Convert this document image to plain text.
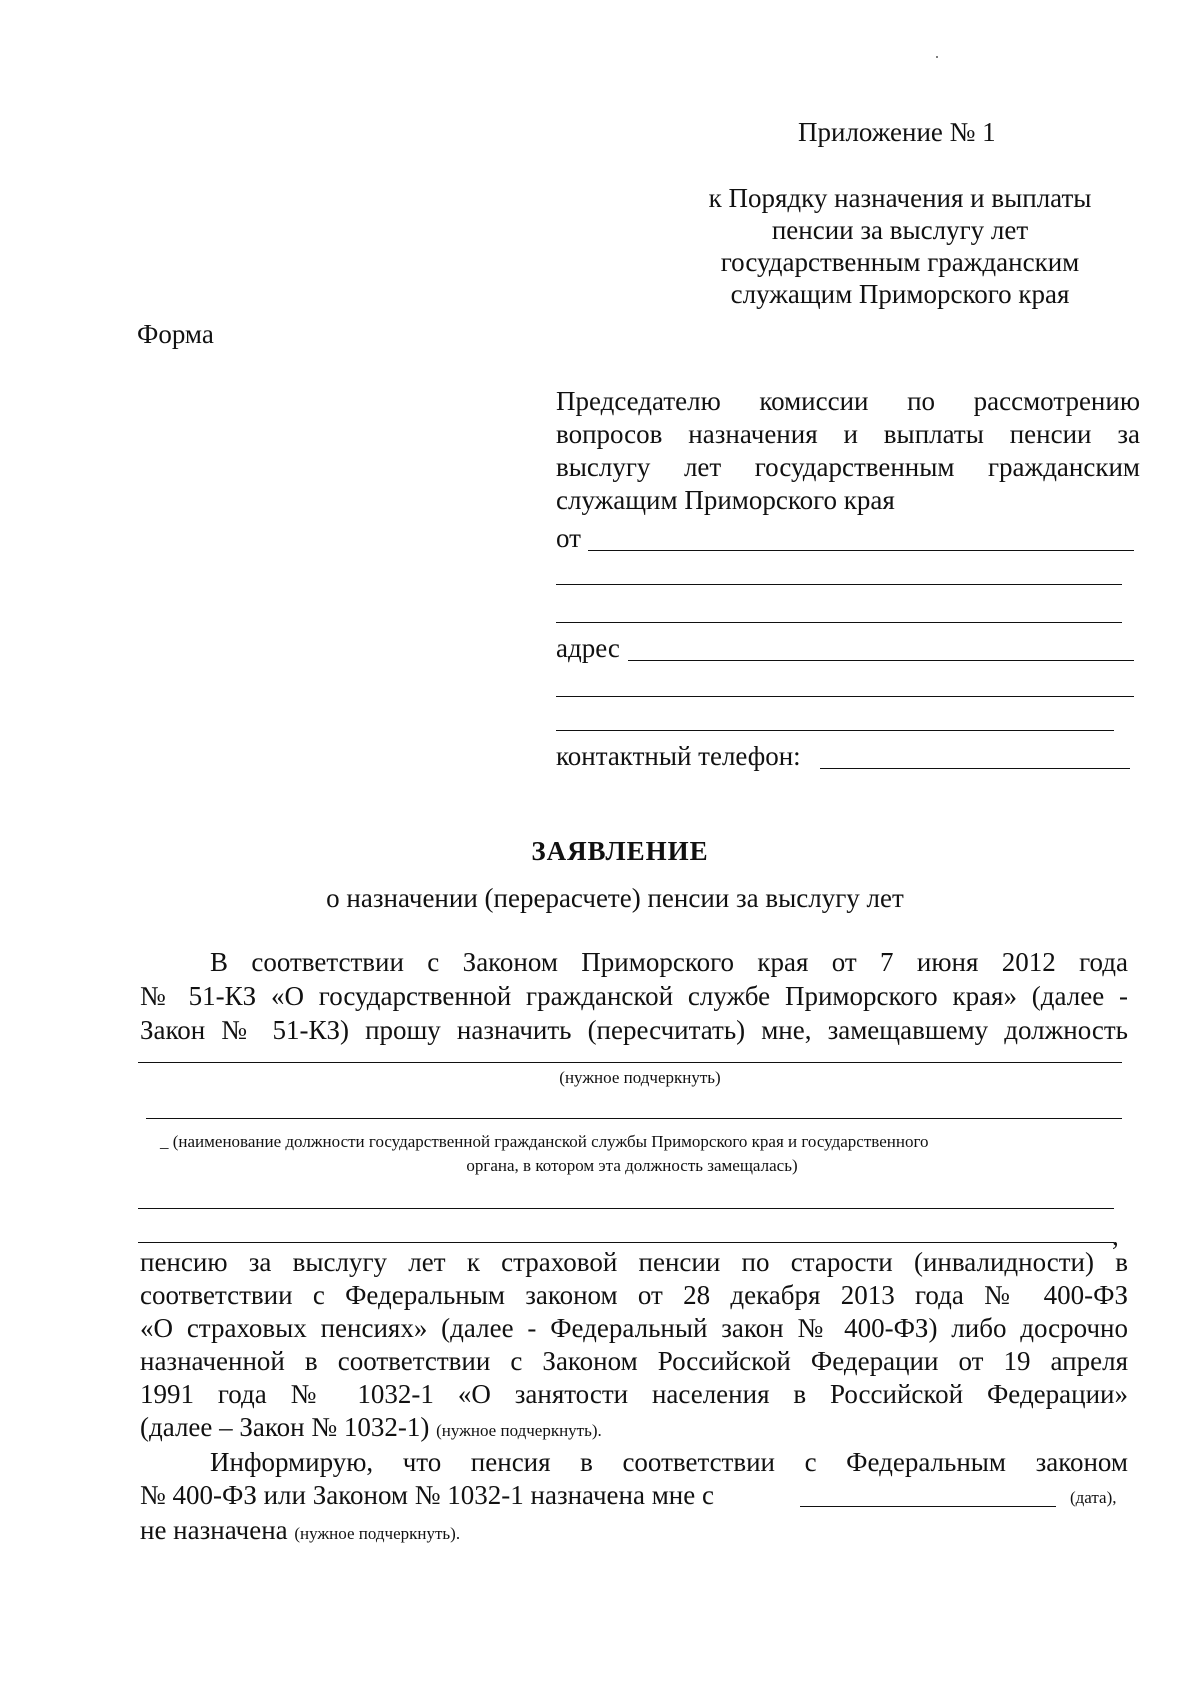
Приложение № 1
к Порядку назначения и выплаты
пенсии за выслугу лет
государственным гражданским
служащим Приморского края
Форма
Председателю комиссии по рассмотрению
вопросов назначения и выплаты пенсии за
выслугу лет государственным гражданским
служащим Приморского края
от
адрес
контактный телефон:
ЗАЯВЛЕНИЕ
о назначении (перерасчете) пенсии за выслугу лет
В соответствии с Законом Приморского края от 7 июня 2012 года
№ 51-КЗ «О государственной гражданской службе Приморского края» (далее -
Закон № 51-КЗ) прошу назначить (пересчитать) мне, замещавшему должность
(нужное подчеркнуть)
_ (наименование должности государственной гражданской службы Приморского края и государственного
органа, в котором эта должность замещалась)
,
пенсию за выслугу лет к страховой пенсии по старости (инвалидности) в
соответствии с Федеральным законом от 28 декабря 2013 года № 400-ФЗ
«О страховых пенсиях» (далее - Федеральный закон № 400-ФЗ) либо досрочно
назначенной в соответствии с Законом Российской Федерации от 19 апреля
1991 года № 1032-1 «О занятости населения в Российской Федерации»
(далее – Закон № 1032-1) (нужное подчеркнуть).
Информирую, что пенсия в соответствии с Федеральным законом
№ 400-ФЗ или Законом № 1032-1 назначена мне с	(дата),
не назначена (нужное подчеркнуть).
